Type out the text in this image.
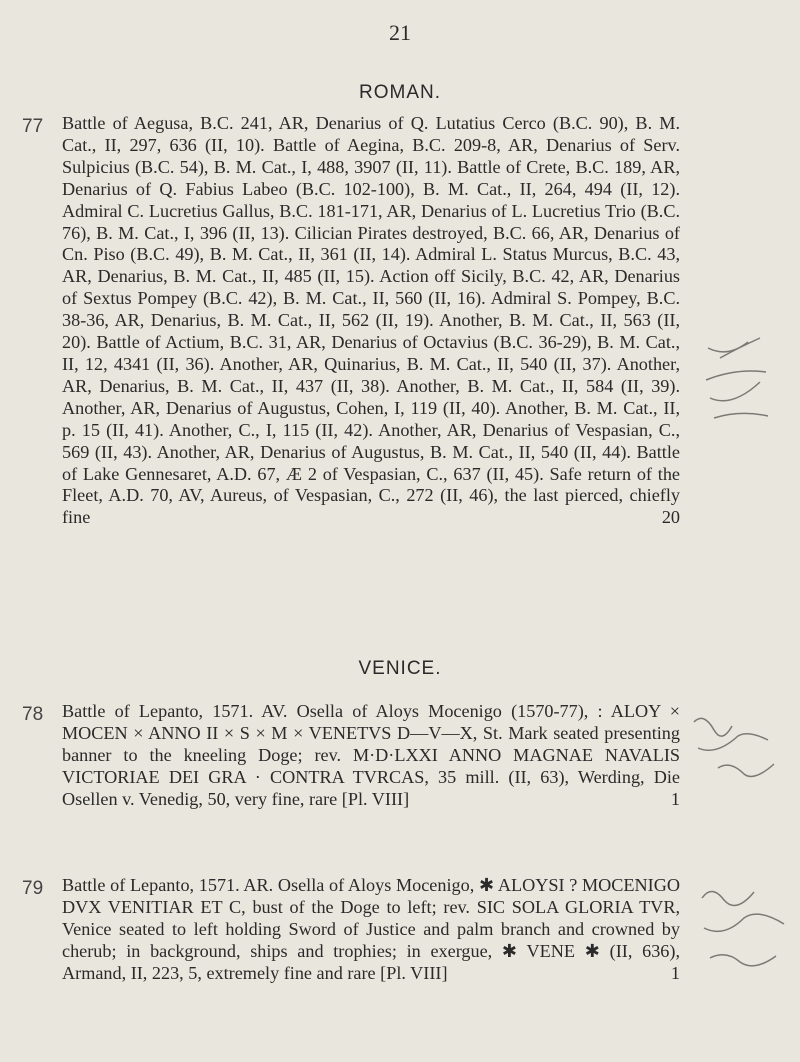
21
ROMAN.
77 Battle of Aegusa, B.C. 241, AR, Denarius of Q. Lutatius Cerco (B.C. 90), B. M. Cat., II, 297, 636 (II, 10). Battle of Aegina, B.C. 209-8, AR, Denarius of Serv. Sulpicius (B.C. 54), B. M. Cat., I, 488, 3907 (II, 11). Battle of Crete, B.C. 189, AR, Denarius of Q. Fabius Labeo (B.C. 102-100), B. M. Cat., II, 264, 494 (II, 12). Admiral C. Lucretius Gallus, B.C. 181-171, AR, Denarius of L. Lucretius Trio (B.C. 76), B. M. Cat., I, 396 (II, 13). Cilician Pirates destroyed, B.C. 66, AR, Denarius of Cn. Piso (B.C. 49), B. M. Cat., II, 361 (II, 14). Admiral L. Status Murcus, B.C. 43, AR, Denarius, B. M. Cat., II, 485 (II, 15). Action off Sicily, B.C. 42, AR, Denarius of Sextus Pompey (B.C. 42), B. M. Cat., II, 560 (II, 16). Admiral S. Pompey, B.C. 38-36, AR, Denarius, B. M. Cat., II, 562 (II, 19). Another, B. M. Cat., II, 563 (II, 20). Battle of Actium, B.C. 31, AR, Denarius of Octavius (B.C. 36-29), B. M. Cat., II, 12, 4341 (II, 36). Another, AR, Quinarius, B. M. Cat., II, 540 (II, 37). Another, AR, Denarius, B. M. Cat., II, 437 (II, 38). Another, B. M. Cat., II, 584 (II, 39). Another, AR, Denarius of Augustus, Cohen, I, 119 (II, 40). Another, B. M. Cat., II, p. 15 (II, 41). Another, C., I, 115 (II, 42). Another, AR, Denarius of Vespasian, C., 569 (II, 43). Another, AR, Denarius of Augustus, B. M. Cat., II, 540 (II, 44). Battle of Lake Gennesaret, A.D. 67, Æ 2 of Vespasian, C., 637 (II, 45). Safe return of the Fleet, A.D. 70, AV, Aureus, of Vespasian, C., 272 (II, 46), the last pierced, chiefly fine	20

VENICE.
78 Battle of Lepanto, 1571. AV. Osella of Aloys Mocenigo (1570-77), : ALOY × MOCEN × ANNO II × S × M × VENETVS D—V—X, St. Mark seated presenting banner to the kneeling Doge; rev. M·D·LXXI ANNO MAGNAE NAVALIS VICTORIAE DEI GRA · CONTRA TVRCAS, 35 mill. (II, 63), Werding, Die Osellen v. Venedig, 50, very fine, rare [Pl. VIII]	1

79 Battle of Lepanto, 1571. AR. Osella of Aloys Mocenigo, ✱ ALOYSI ? MOCENIGO DVX VENITIAR ET C, bust of the Doge to left; rev. SIC SOLA GLORIA TVR, Venice seated to left holding Sword of Justice and palm branch and crowned by cherub; in background, ships and trophies; in exergue, ✱ VENE ✱ (II, 636), Armand, II, 223, 5, extremely fine and rare [Pl. VIII]	1
